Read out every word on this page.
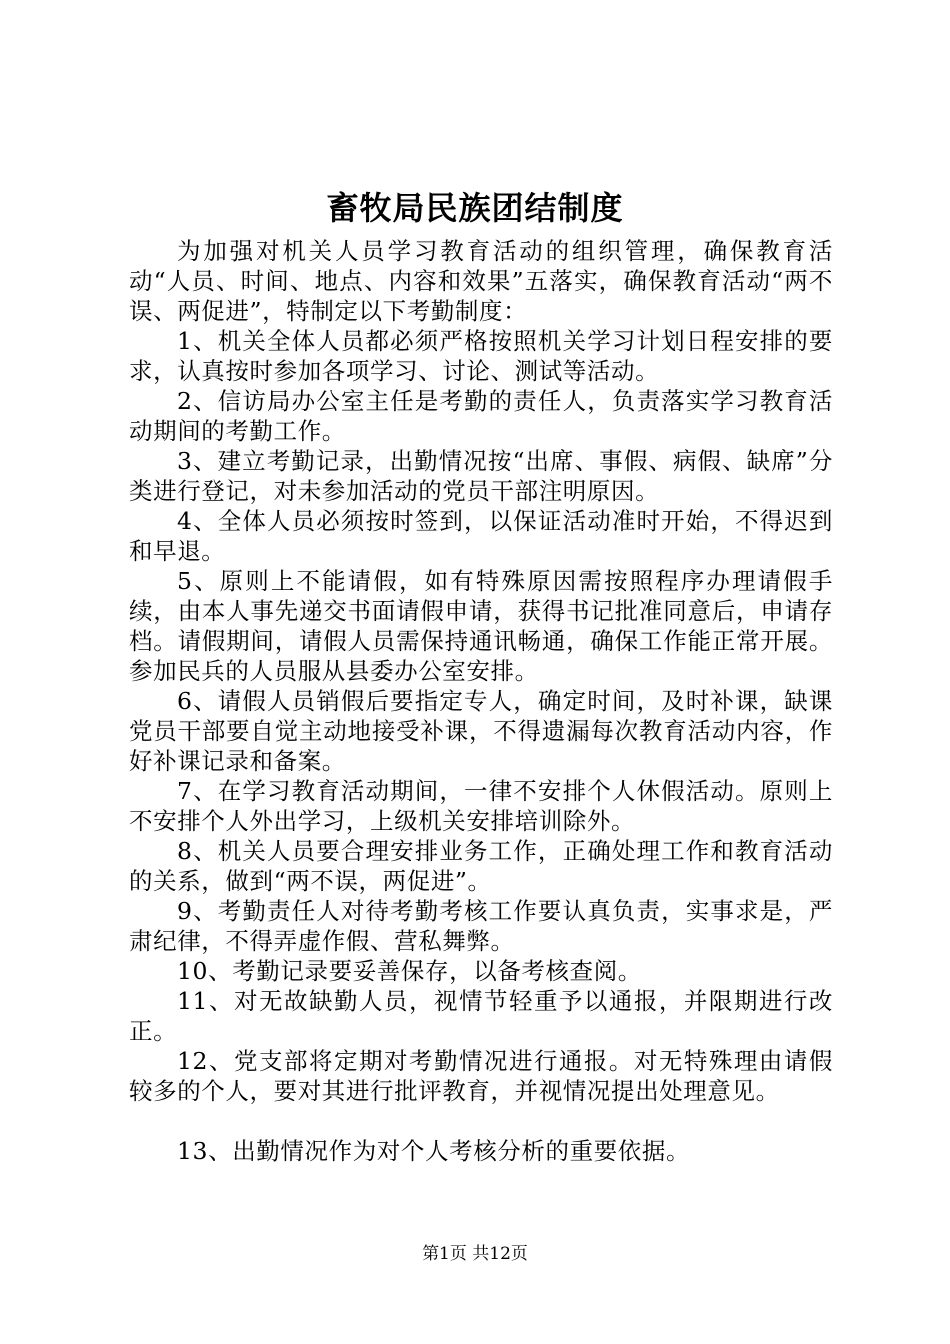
畜牧局民族团结制度

为加强对机关人员学习教育活动的组织管理，确保教育活动“人员、时间、地点、内容和效果”五落实，确保教育活动“两不误、两促进”，特制定以下考勤制度：

1、机关全体人员都必须严格按照机关学习计划日程安排的要求，认真按时参加各项学习、讨论、测试等活动。

2、信访局办公室主任是考勤的责任人，负责落实学习教育活动期间的考勤工作。

3、建立考勤记录，出勤情况按“出席、事假、病假、缺席”分类进行登记，对未参加活动的党员干部注明原因。

4、全体人员必须按时签到，以保证活动准时开始，不得迟到和早退。

5、原则上不能请假，如有特殊原因需按照程序办理请假手续，由本人事先递交书面请假申请，获得书记批准同意后，申请存档。请假期间，请假人员需保持通讯畅通，确保工作能正常开展。参加民兵的人员服从县委办公室安排。

6、请假人员销假后要指定专人，确定时间，及时补课，缺课党员干部要自觉主动地接受补课，不得遗漏每次教育活动内容，作好补课记录和备案。

7、在学习教育活动期间，一律不安排个人休假活动。原则上不安排个人外出学习，上级机关安排培训除外。

8、机关人员要合理安排业务工作，正确处理工作和教育活动的关系，做到“两不误，两促进”。

9、考勤责任人对待考勤考核工作要认真负责，实事求是，严肃纪律，不得弄虚作假、营私舞弊。

10、考勤记录要妥善保存，以备考核查阅。

11、对无故缺勤人员，视情节轻重予以通报，并限期进行改正。

12、党支部将定期对考勤情况进行通报。对无特殊理由请假较多的个人，要对其进行批评教育，并视情况提出处理意见。

13、出勤情况作为对个人考核分析的重要依据。

第1页 共12页
